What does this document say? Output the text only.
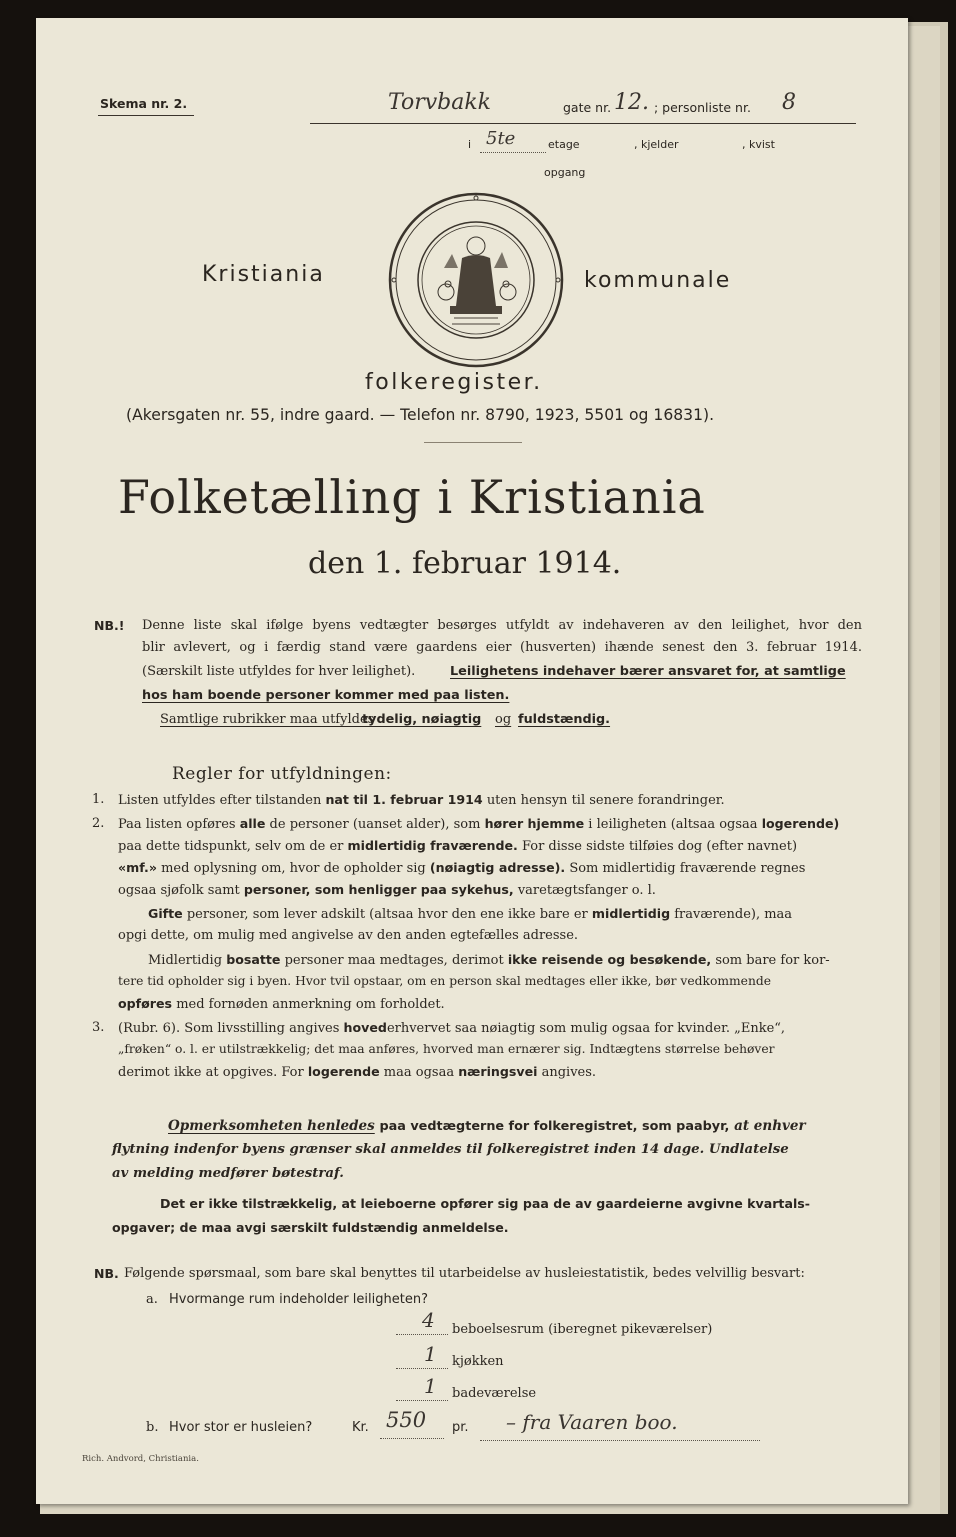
Skema nr. 2.	Torvbakk	gate nr. 12. ; personliste nr. 8
i 5te	etage	, kjelder	, kvist
opgang
Kristiania	kommunale
folkeregister.
(Akersgaten nr. 55, indre gaard. — Telefon nr. 8790, 1923, 5501 og 16831).
Folketælling i Kristiania
den 1. februar 1914.
NB.! Denne liste skal ifølge byens vedtægter besørges utfyldt av indehaveren av den leilighet, hvor den
blir avlevert, og i færdig stand være gaardens eier (husverten) ihænde senest den 3. februar 1914.
(Særskilt liste utfyldes for hver leilighet).	Leilighetens indehaver bærer ansvaret for, at samtlige
hos ham boende personer kommer med paa listen.
Samtlige rubrikker maa utfyldes
tydelig, nøiagtig og fuldstændig.
Regler for utfyldningen:
1. Listen utfyldes efter tilstanden nat til 1. februar 1914 uten hensyn til senere forandringer.
2. Paa listen opføres alle de personer (uanset alder), som hører hjemme i leiligheten (altsaa ogsaa logerende)
paa dette tidspunkt, selv om de er midlertidig fraværende. For disse sidste tilføies dog (efter navnet)
«mf.» med oplysning om, hvor de opholder sig (nøiagtig adresse). Som midlertidig fraværende regnes
ogsaa sjøfolk samt personer, som henligger paa sykehus, varetægtsfanger o. l.
Gifte personer, som lever adskilt (altsaa hvor den ene ikke bare er midlertidig fraværende), maa
opgi dette, om mulig med angivelse av den anden egtefælles adresse.
Midlertidig bosatte personer maa medtages, derimot ikke reisende og besøkende, som bare for kor-
tere tid opholder sig i byen. Hvor tvil opstaar, om en person skal medtages eller ikke, bør vedkommende
opføres med fornøden anmerkning om forholdet.
3. (Rubr. 6). Som livsstilling angives hovederhvervet saa nøiagtig som mulig ogsaa for kvinder. „Enke“,
„frøken“ o. l. er utilstrækkelig; det maa anføres, hvorved man ernærer sig. Indtægtens størrelse behøver
derimot ikke at opgives. For logerende maa ogsaa næringsvei angives.
Opmerksomheten henledes paa vedtægterne for folkeregistret, som paabyr, at enhver
flytning indenfor byens grænser skal anmeldes til folkeregistret inden 14 dage. Undlatelse
av melding medfører bøtestraf.
Det er ikke tilstrækkelig, at leieboerne opfører sig paa de av gaardeierne avgivne kvartals-
opgaver; de maa avgi særskilt fuldstændig anmeldelse.
NB. Følgende spørsmaal, som bare skal benyttes til utarbeidelse av husleiestatistik, bedes velvillig besvart:
a. Hvormange rum indeholder leiligheten?
4 beboelsesrum (iberegnet pikeværelser)
1 kjøkken
1 badeværelse
b. Hvor stor er husleien?	Kr. 550 pr. – fra Vaaren boo.
Rich. Andvord, Christiania.
